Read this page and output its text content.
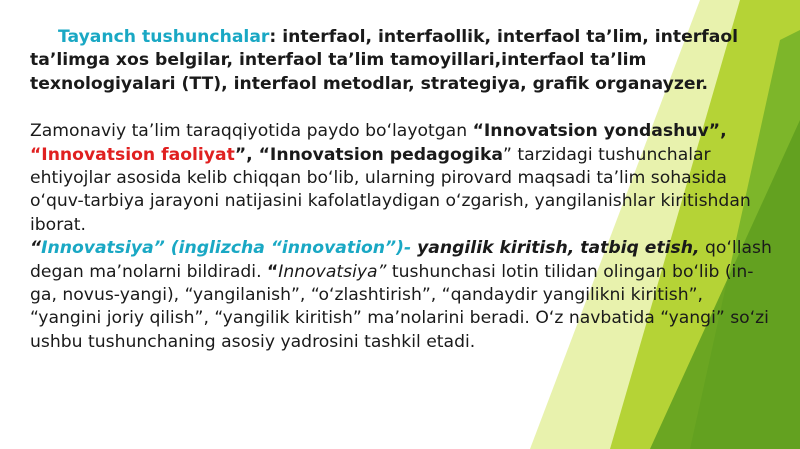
Tayanch tushunchalar: interfaol, interfaollik, interfaol ta’lim, interfaol ta’limga xos belgilar, interfaol ta’lim tamoyillari,interfaol ta’lim texnologiyalari (TT), interfaol metodlar, strategiya, grafik organayzer.

Zamonaviy ta’lim taraqqiyotida paydo bo‘layotgan “Innovatsion yondashuv”, “Innovatsion faoliyat”, “Innovatsion pedagogika” tarzidagi tushunchalar ehtiyojlar asosida kelib chiqqan bo‘lib, ularning pirovard maqsadi ta’lim sohasida o‘quv-tarbiya jarayoni natijasini kafolatlaydigan o‘zgarish, yangilanishlar kiritishdan iborat.

“Innovatsiya” (inglizcha “innovation”)- yangilik kiritish, tatbiq etish, qo‘llash degan ma’nolarni bildiradi. “Innovatsiya” tushunchasi lotin tilidan olingan bo‘lib (in-ga, novus-yangi), “yangilanish”, “o‘zlashtirish”, “qandaydir yangilikni kiritish”, “yangini joriy qilish”, “yangilik kiritish” ma’nolarini beradi. O‘z navbatida “yangi” so‘zi ushbu tushunchaning asosiy yadrosini tashkil etadi.
